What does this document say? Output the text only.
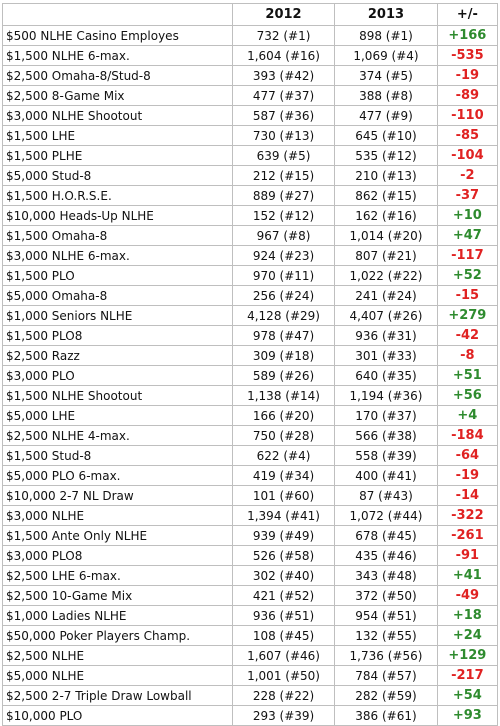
	2012	2013	+/-
$500 NLHE Casino Employes	732 (#1)	898 (#1)	+166
$1,500 NLHE 6-max.	1,604 (#16)	1,069 (#4)	-535
$2,500 Omaha-8/Stud-8	393 (#42)	374 (#5)	-19
$2,500 8-Game Mix	477 (#37)	388 (#8)	-89
$3,000 NLHE Shootout	587 (#36)	477 (#9)	-110
$1,500 LHE	730 (#13)	645 (#10)	-85
$1,500 PLHE	639 (#5)	535 (#12)	-104
$5,000 Stud-8	212 (#15)	210 (#13)	-2
$1,500 H.O.R.S.E.	889 (#27)	862 (#15)	-37
$10,000 Heads-Up NLHE	152 (#12)	162 (#16)	+10
$1,500 Omaha-8	967 (#8)	1,014 (#20)	+47
$3,000 NLHE 6-max.	924 (#23)	807 (#21)	-117
$1,500 PLO	970 (#11)	1,022 (#22)	+52
$5,000 Omaha-8	256 (#24)	241 (#24)	-15
$1,000 Seniors NLHE	4,128 (#29)	4,407 (#26)	+279
$1,500 PLO8	978 (#47)	936 (#31)	-42
$2,500 Razz	309 (#18)	301 (#33)	-8
$3,000 PLO	589 (#26)	640 (#35)	+51
$1,500 NLHE Shootout	1,138 (#14)	1,194 (#36)	+56
$5,000 LHE	166 (#20)	170 (#37)	+4
$2,500 NLHE 4-max.	750 (#28)	566 (#38)	-184
$1,500 Stud-8	622 (#4)	558 (#39)	-64
$5,000 PLO 6-max.	419 (#34)	400 (#41)	-19
$10,000 2-7 NL Draw	101 (#60)	87 (#43)	-14
$3,000 NLHE	1,394 (#41)	1,072 (#44)	-322
$1,500 Ante Only NLHE	939 (#49)	678 (#45)	-261
$3,000 PLO8	526 (#58)	435 (#46)	-91
$2,500 LHE 6-max.	302 (#40)	343 (#48)	+41
$2,500 10-Game Mix	421 (#52)	372 (#50)	-49
$1,000 Ladies NLHE	936 (#51)	954 (#51)	+18
$50,000 Poker Players Champ.	108 (#45)	132 (#55)	+24
$2,500 NLHE	1,607 (#46)	1,736 (#56)	+129
$5,000 NLHE	1,001 (#50)	784 (#57)	-217
$2,500 2-7 Triple Draw Lowball	228 (#22)	282 (#59)	+54
$10,000 PLO	293 (#39)	386 (#61)	+93
